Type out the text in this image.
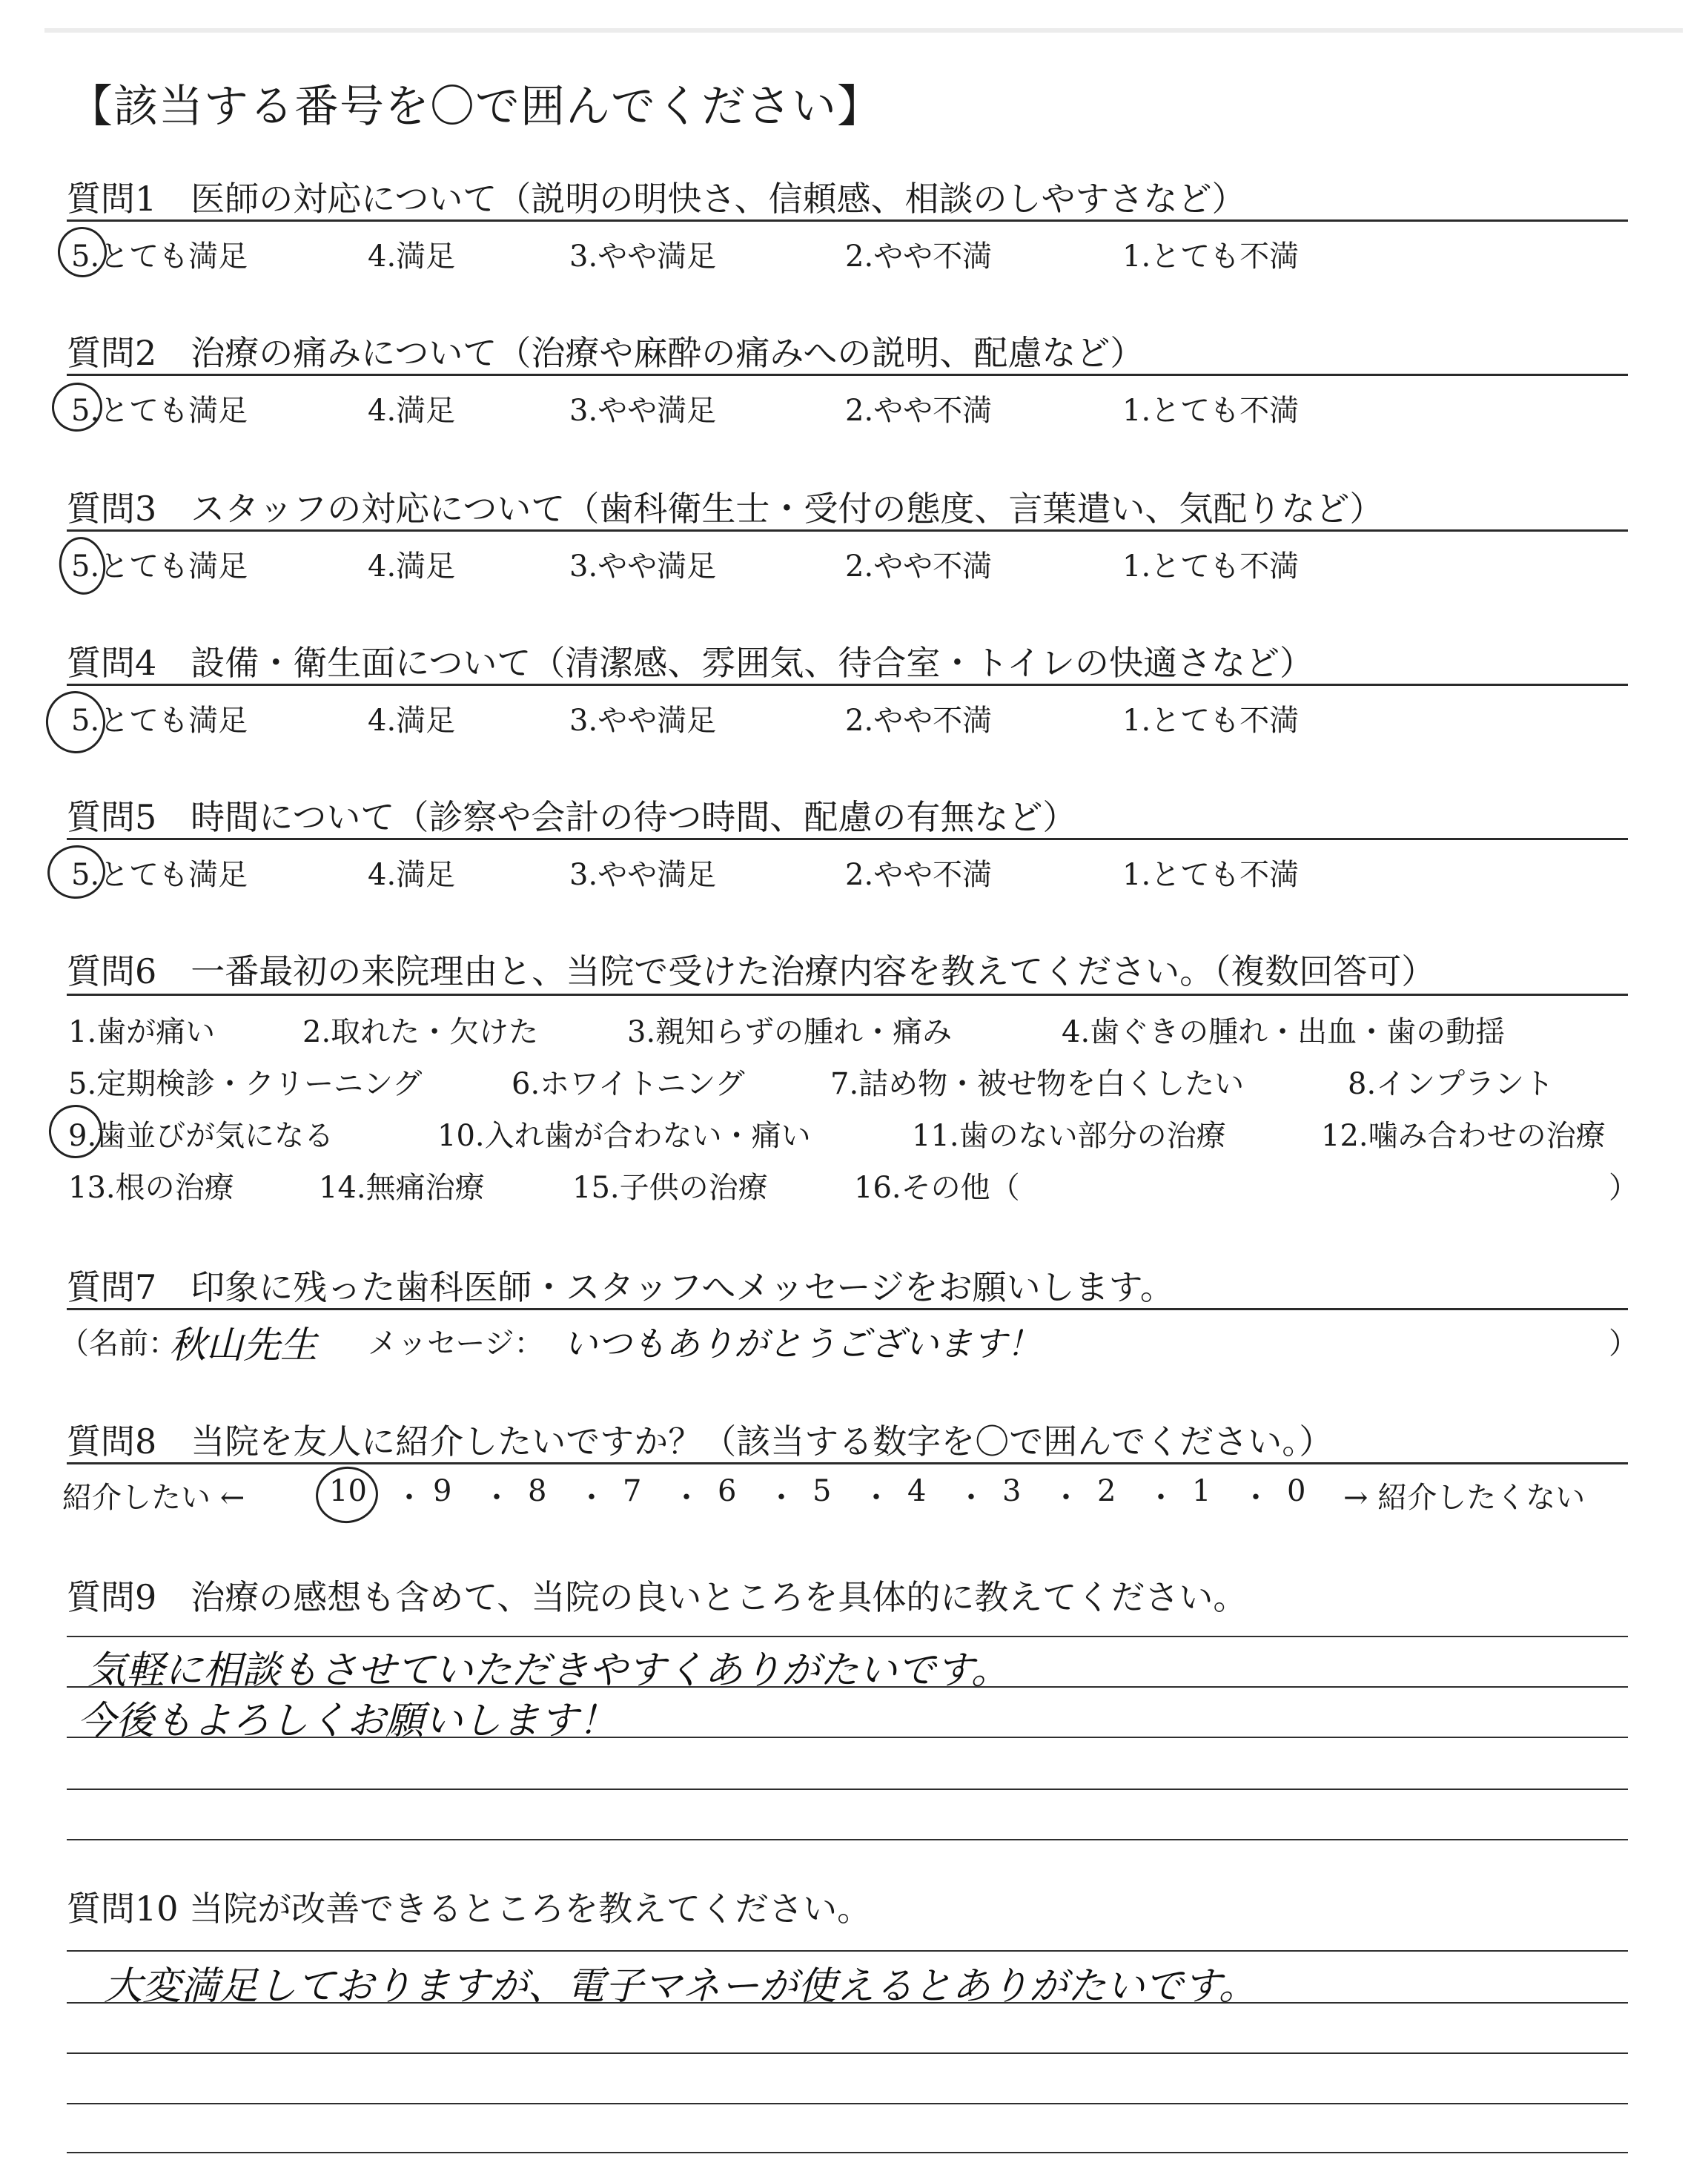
【該当する番号を〇で囲んでください】
質問1　医師の対応について（説明の明快さ、信頼感、相談のしやすさなど）
5.とても満足	4.満足	3.やや満足	2.やや不満	1.とても不満
質問2　治療の痛みについて（治療や麻酔の痛みへの説明、配慮など）
5.とても満足	4.満足	3.やや満足	2.やや不満	1.とても不満
質問3　スタッフの対応について（歯科衛生士・受付の態度、言葉遣い、気配りなど）
5.とても満足	4.満足	3.やや満足	2.やや不満	1.とても不満
質問4　設備・衛生面について（清潔感、雰囲気、待合室・トイレの快適さなど）
5.とても満足	4.満足	3.やや満足	2.やや不満	1.とても不満
質問5　時間について（診察や会計の待つ時間、配慮の有無など）
5.とても満足	4.満足	3.やや満足	2.やや不満	1.とても不満
質問6　一番最初の来院理由と、当院で受けた治療内容を教えてください。（複数回答可）
1.歯が痛い	2.取れた・欠けた	3.親知らずの腫れ・痛み	4.歯ぐきの腫れ・出血・歯の動揺
5.定期検診・クリーニング	6.ホワイトニング	7.詰め物・被せ物を白くしたい	8.インプラント
9.歯並びが気になる	10.入れ歯が合わない・痛い	11.歯のない部分の治療	12.噛み合わせの治療
13.根の治療	14.無痛治療	15.子供の治療	16.その他（	）
質問7　印象に残った歯科医師・スタッフへメッセージをお願いします。
（名前：
秋山先生 メッセージ： いつもありがとうございます！	）
質問8　当院を友人に紹介したいですか？（該当する数字を〇で囲んでください。）
紹介したい ←	10 ・ 9 ・ 8 ・ 7 ・ 6 ・ 5 ・ 4 ・ 3 ・ 2 ・ 1 ・ 0 → 紹介したくない
質問9　治療の感想も含めて、当院の良いところを具体的に教えてください。
気軽に相談もさせていただきやすくありがたいです。
今後もよろしくお願いします！
質問10 当院が改善できるところを教えてください。
大変満足しておりますが、電子マネーが使えるとありがたいです。
